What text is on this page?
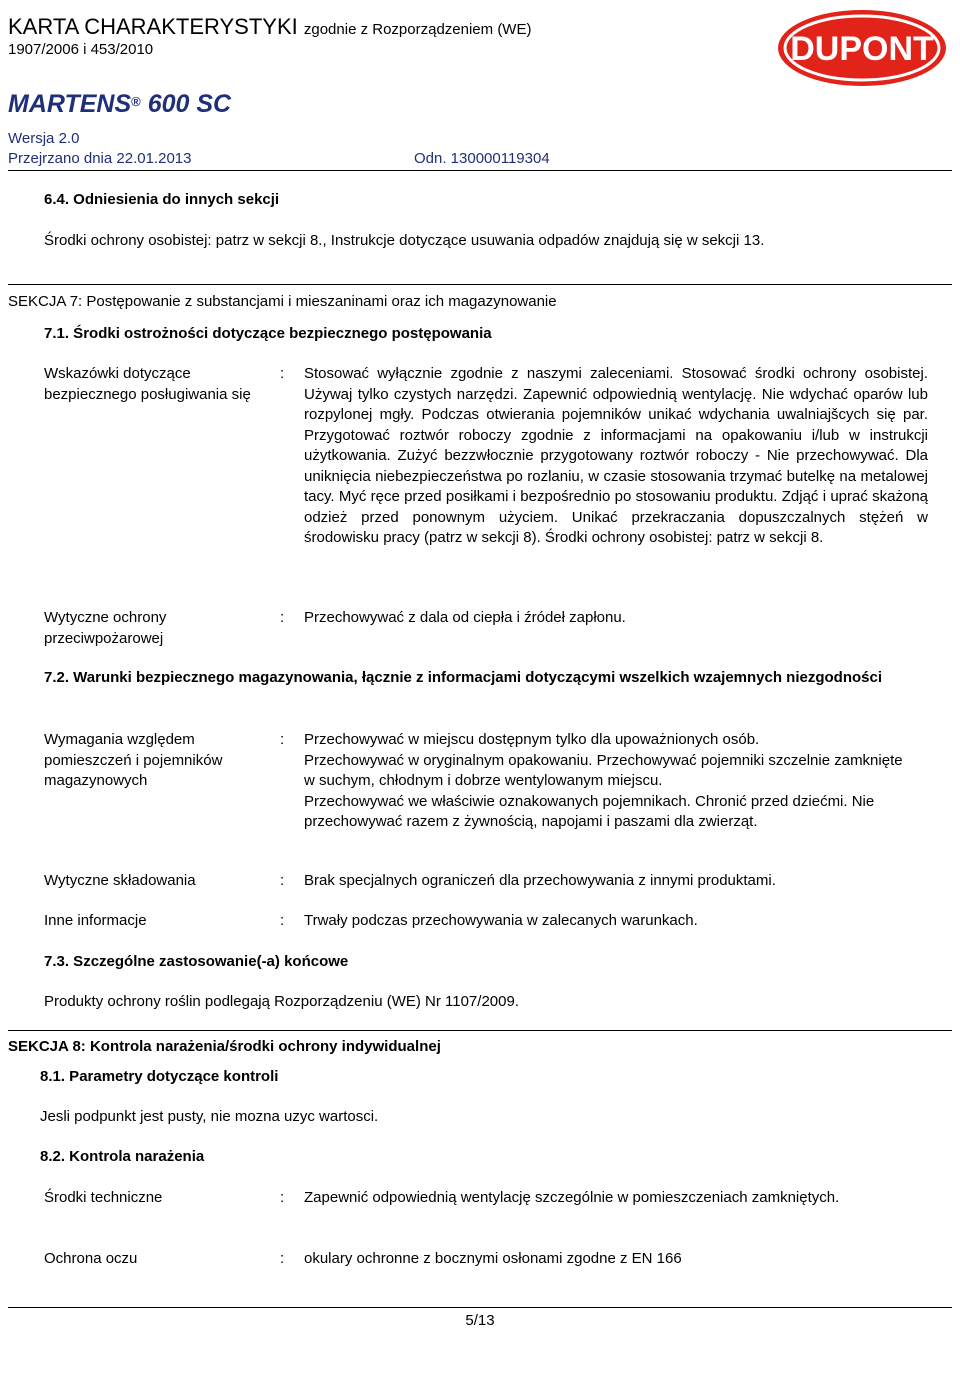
KARTA CHARAKTERYSTYKI zgodnie z Rozporządzeniem (WE)
1907/2006 i 453/2010	DUPONT
MARTENS® 600 SC
Wersja 2.0
Przejrzano dnia 22.01.2013	Odn. 130000119304
6.4. Odniesienia do innych sekcji
Środki ochrony osobistej: patrz w sekcji 8., Instrukcje dotyczące usuwania odpadów znajdują się w sekcji 13.
SEKCJA 7: Postępowanie z substancjami i mieszaninami oraz ich magazynowanie
7.1. Środki ostrożności dotyczące bezpiecznego postępowania
Wskazówki dotyczące bezpiecznego posługiwania się
: Stosować wyłącznie zgodnie z naszymi zaleceniami. Stosować środki ochrony osobistej. Używaj tylko czystych narzędzi. Zapewnić odpowiednią wentylację. Nie wdychać oparów lub rozpylonej mgły. Podczas otwierania pojemników unikać wdychania uwalniajšcych się par. Przygotować roztwór roboczy zgodnie z informacjami na opakowaniu i/lub w instrukcji użytkowania. Zużyć bezzwłocznie przygotowany roztwór roboczy - Nie przechowywać. Dla uniknięcia niebezpieczeństwa po rozlaniu, w czasie stosowania trzymać butelkę na metalowej tacy. Myć ręce przed posiłkami i bezpośrednio po stosowaniu produktu. Zdjąć i uprać skażoną odzież przed ponownym użyciem. Unikać przekraczania dopuszczalnych stężeń w środowisku pracy (patrz w sekcji 8). Środki ochrony osobistej: patrz w sekcji 8.
Wytyczne ochrony przeciwpożarowej
: Przechowywać z dala od ciepła i źródeł zapłonu.
7.2. Warunki bezpiecznego magazynowania, łącznie z informacjami dotyczącymi wszelkich wzajemnych niezgodności
Wymagania względem pomieszczeń i pojemników magazynowych
: Przechowywać w miejscu dostępnym tylko dla upoważnionych osób.
Przechowywać w oryginalnym opakowaniu. Przechowywać pojemniki szczelnie zamknięte w suchym, chłodnym i dobrze wentylowanym miejscu.
Przechowywać we właściwie oznakowanych pojemnikach. Chronić przed dziećmi. Nie przechowywać razem z żywnością, napojami i paszami dla zwierząt.
Wytyczne składowania	: Brak specjalnych ograniczeń dla przechowywania z innymi produktami.
Inne informacje	: Trwały podczas przechowywania w zalecanych warunkach.
7.3. Szczególne zastosowanie(-a) końcowe
Produkty ochrony roślin podlegają Rozporządzeniu (WE) Nr 1107/2009.
SEKCJA 8: Kontrola narażenia/środki ochrony indywidualnej
8.1. Parametry dotyczące kontroli
Jesli podpunkt jest pusty, nie mozna uzyc wartosci.
8.2. Kontrola narażenia
Środki techniczne	: Zapewnić odpowiednią wentylację szczególnie w pomieszczeniach zamkniętych.
Ochrona oczu	: okulary ochronne z bocznymi osłonami zgodne z EN 166
5/13
